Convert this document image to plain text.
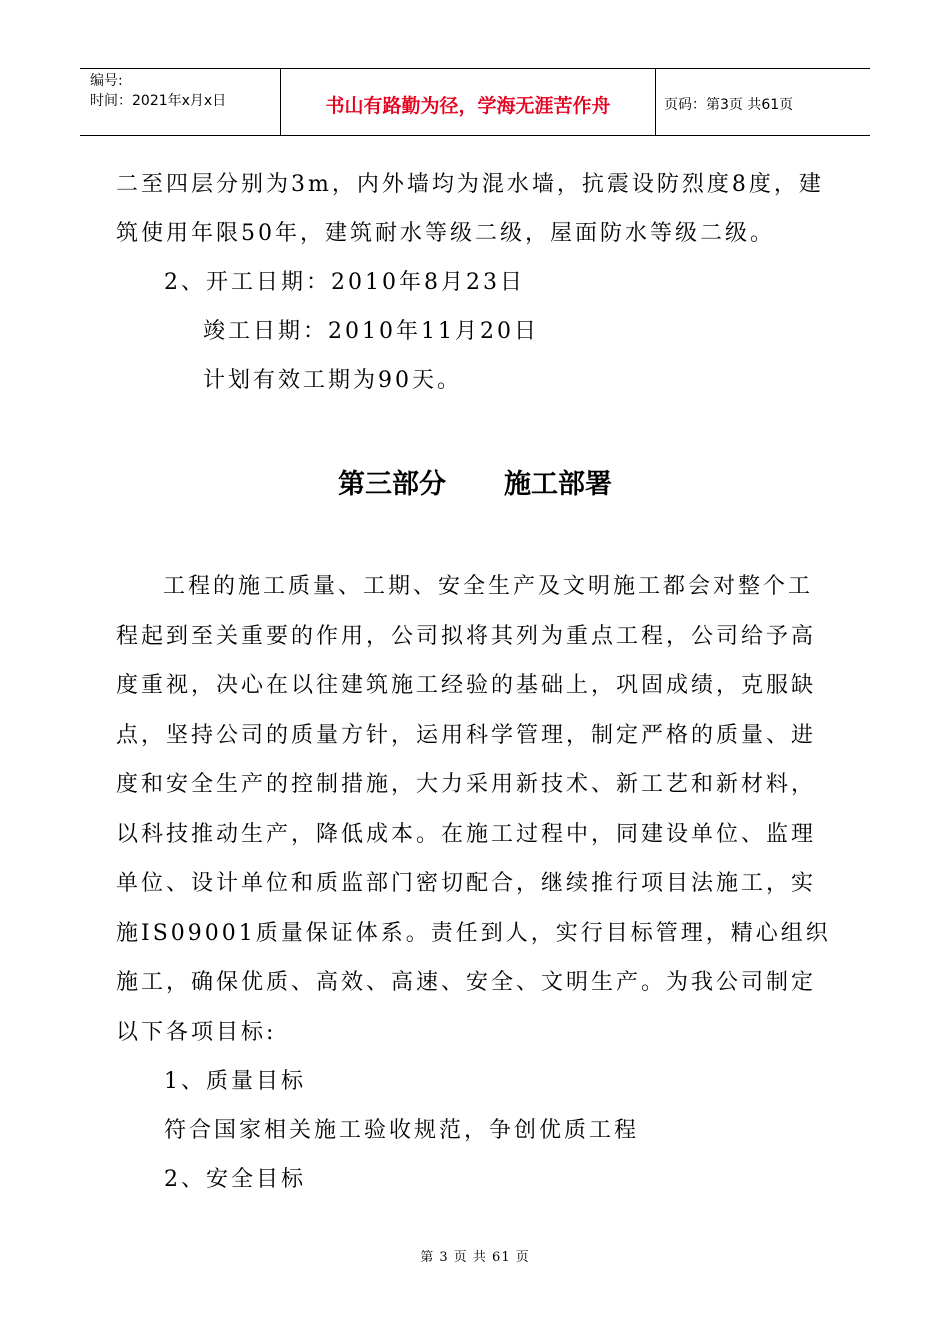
编号:
时间：2021年x月x日	书山有路勤为径，学海无涯苦作舟	页码：第3页 共61页
二至四层分别为3m，内外墙均为混水墙，抗震设防烈度8度，建
筑使用年限50年，建筑耐水等级二级，屋面防水等级二级。
2、开工日期：2010年8月23日
竣工日期：2010年11月20日
计划有效工期为90天。
第三部分 施工部署
工程的施工质量、工期、安全生产及文明施工都会对整个工
程起到至关重要的作用，公司拟将其列为重点工程，公司给予高
度重视，决心在以往建筑施工经验的基础上，巩固成绩，克服缺
点，坚持公司的质量方针，运用科学管理，制定严格的质量、进
度和安全生产的控制措施，大力采用新技术、新工艺和新材料，
以科技推动生产，降低成本。在施工过程中，同建设单位、监理
单位、设计单位和质监部门密切配合，继续推行项目法施工，实
施IS09001质量保证体系。责任到人，实行目标管理，精心组织
施工，确保优质、高效、高速、安全、文明生产。为我公司制定
以下各项目标:
1、质量目标
符合国家相关施工验收规范，争创优质工程
2、安全目标
第 3 页 共 61 页
